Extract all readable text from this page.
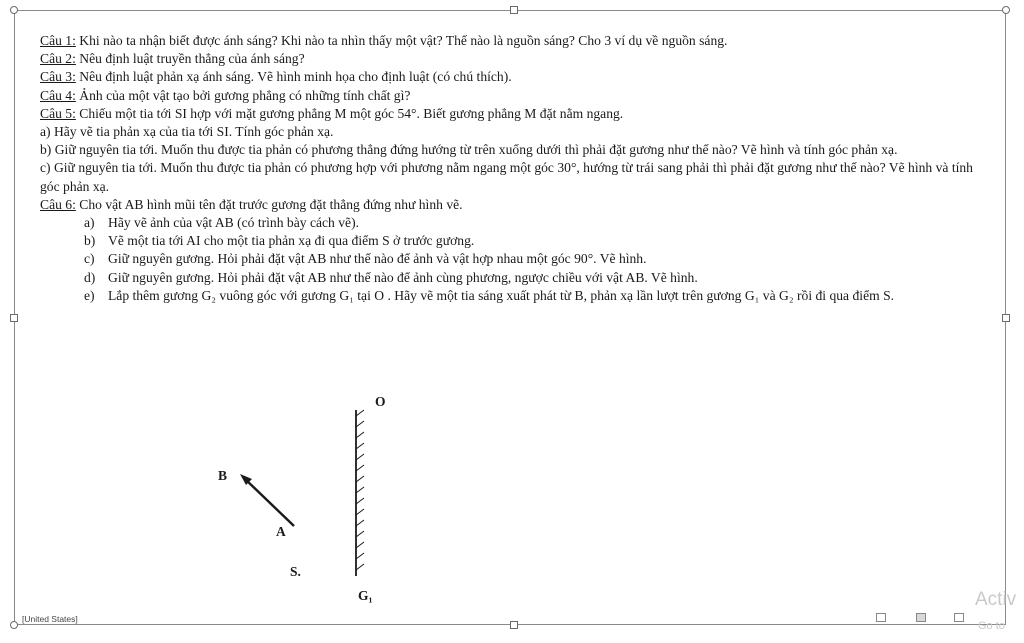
Câu 1: Khi nào ta nhận biết được ánh sáng? Khi nào ta nhìn thấy một vật? Thế nào là nguồn sáng? Cho 3 ví dụ về nguồn sáng.

Câu 2: Nêu định luật truyền thẳng của ánh sáng?

Câu 3: Nêu định luật phản xạ ánh sáng. Vẽ hình minh họa cho định luật (có chú thích).

Câu 4: Ảnh của một vật tạo bởi gương phẳng có những tính chất gì?

Câu 5: Chiếu một tia tới SI hợp với mặt gương phẳng M một góc 54°. Biết gương phẳng M đặt nằm ngang.

a) Hãy vẽ tia phản xạ của tia tới SI. Tính góc phản xạ.

b) Giữ nguyên tia tới. Muốn thu được tia phản có phương thẳng đứng hướng từ trên xuống dưới thì phải đặt gương như thế nào? Vẽ hình và tính góc phản xạ.

c) Giữ nguyên tia tới. Muốn thu được tia phản có phương hợp với phương nằm ngang một góc 30°, hướng từ trái sang phải thì phải đặt gương như thế nào? Vẽ hình và tính góc phản xạ.

Câu 6: Cho vật AB hình mũi tên đặt trước gương đặt thẳng đứng như hình vẽ.

a) Hãy vẽ ảnh của vật AB (có trình bày cách vẽ).
b) Vẽ một tia tới AI cho một tia phản xạ đi qua điểm S ở trước gương.
c) Giữ nguyên gương. Hỏi phải đặt vật AB như thế nào để ảnh và vật hợp nhau một góc 90°. Vẽ hình.
d) Giữ nguyên gương. Hỏi phải đặt vật AB như thế nào để ảnh cùng phương, ngược chiều với vật AB. Vẽ hình.
e) Lắp thêm gương G₂ vuông góc với gương G₁ tại O . Hãy vẽ một tia sáng xuất phát từ B, phản xạ lần lượt trên gương G₁ và G₂ rồi đi qua điểm S.
O
B
A
S.
G₁
[United States]
Activ
Go to
